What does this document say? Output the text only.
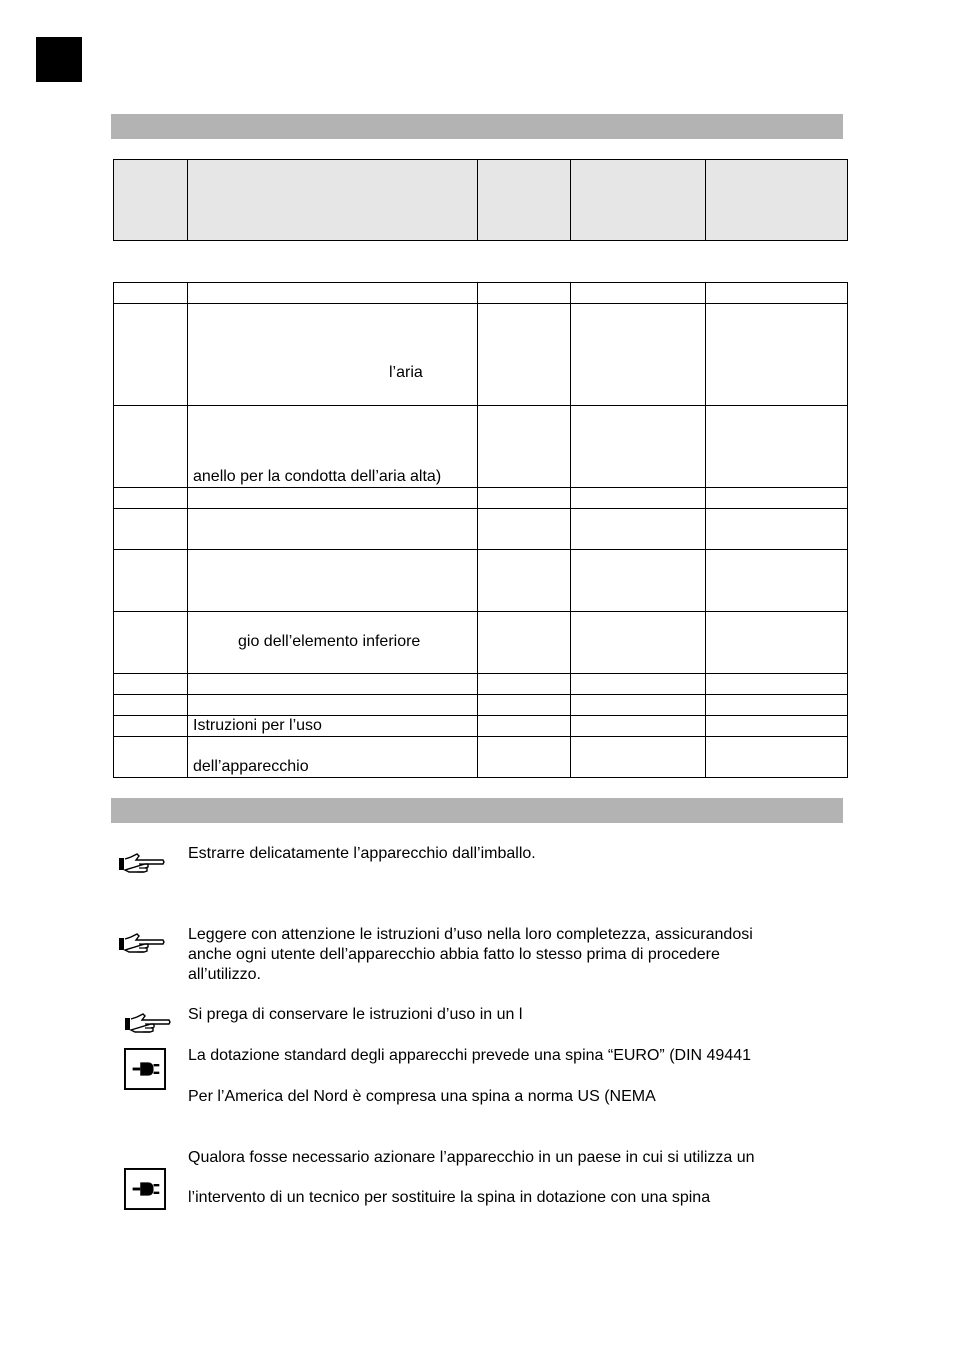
	l’aria			

	anello per la condotta dell’aria alta)			

	gio dell’elemento inferiore			

	Istruzioni per l’uso			

	dell’apparecchio			

Estrarre delicatamente l’apparecchio dall’imballo.
Leggere con attenzione le istruzioni d’uso nella loro completezza, assicurandosi
anche ogni utente dell’apparecchio abbia fatto lo stesso prima di procedere
all’utilizzo.
Si prega di conservare le istruzioni d’uso in un l
La dotazione standard degli apparecchi prevede una spina “EURO” (DIN 49441
Per l’America del Nord è compresa una spina a norma US (NEMA
Qualora fosse necessario azionare l’apparecchio in un paese in cui si utilizza un
l’intervento di un tecnico per sostituire la spina in dotazione con una spina
